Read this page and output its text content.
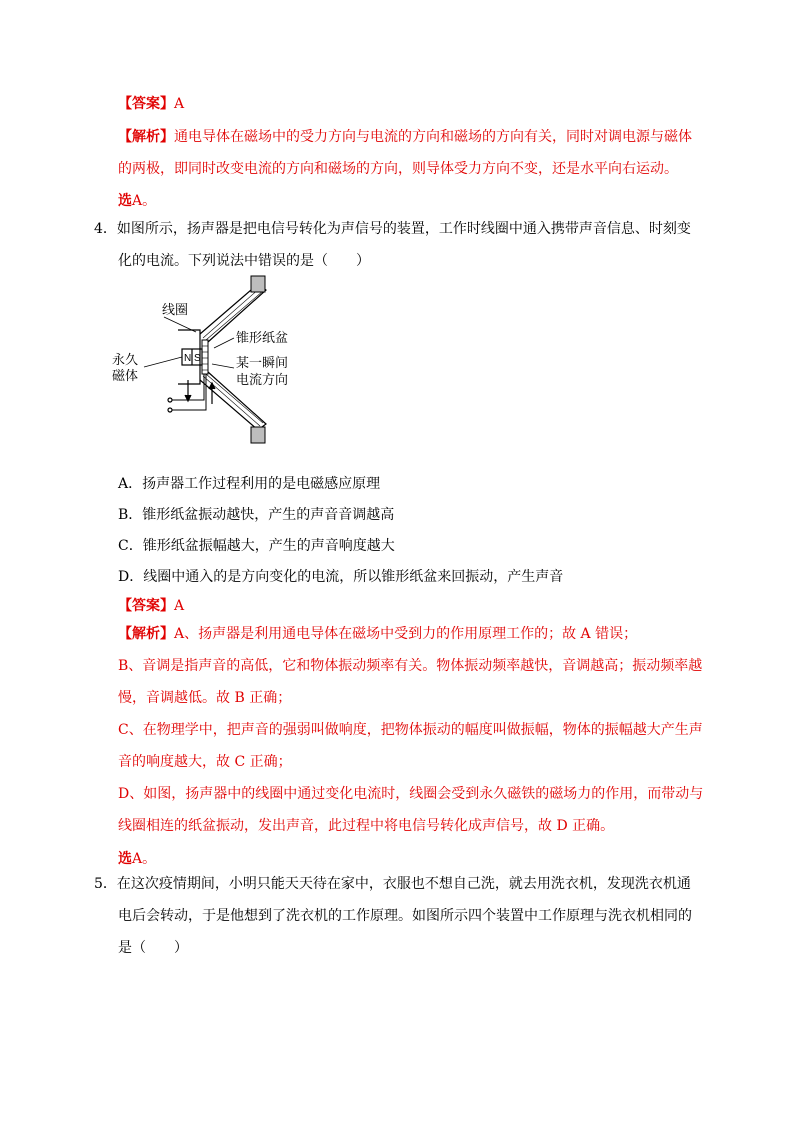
【答案】A
【解析】通电导体在磁场中的受力方向与电流的方向和磁场的方向有关，同时对调电源与磁体
的两极，即同时改变电流的方向和磁场的方向，则导体受力方向不变，还是水平向右运动。
选A。
4．如图所示，扬声器是把电信号转化为声信号的装置，工作时线圈中通入携带声音信息、时刻变
化的电流。下列说法中错误的是（　　）
N S
线圈
锥形纸盆
永久
磁体
某一瞬间
电流方向
A．扬声器工作过程利用的是电磁感应原理
B．锥形纸盆振动越快，产生的声音音调越高
C．锥形纸盆振幅越大，产生的声音响度越大
D．线圈中通入的是方向变化的电流，所以锥形纸盆来回振动，产生声音
【答案】A
【解析】A、扬声器是利用通电导体在磁场中受到力的作用原理工作的；故 A 错误；
B、音调是指声音的高低，它和物体振动频率有关。物体振动频率越快，音调越高；振动频率越
慢，音调越低。故 B 正确；
C、在物理学中，把声音的强弱叫做响度，把物体振动的幅度叫做振幅，物体的振幅越大产生声
音的响度越大，故 C 正确；
D、如图，扬声器中的线圈中通过变化电流时，线圈会受到永久磁铁的磁场力的作用，而带动与
线圈相连的纸盆振动，发出声音，此过程中将电信号转化成声信号，故 D 正确。
选A。
5．在这次疫情期间，小明只能天天待在家中，衣服也不想自己洗，就去用洗衣机，发现洗衣机通
电后会转动，于是他想到了洗衣机的工作原理。如图所示四个装置中工作原理与洗衣机相同的
是（　　）
